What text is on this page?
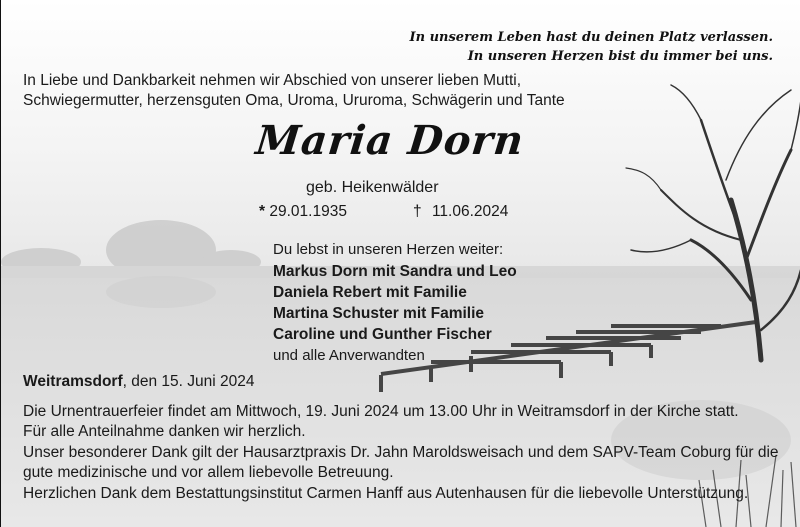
In unserem Leben hast du deinen Platz verlassen.
In unseren Herzen bist du immer bei uns.
In Liebe und Dankbarkeit nehmen wir Abschied von unserer lieben Mutti,
Schwiegermutter, herzensguten Oma, Uroma, Ururoma, Schwägerin und Tante
Maria Dorn
geb. Heikenwälder
* 29.01.1935	† 11.06.2024
Du lebst in unseren Herzen weiter:
Markus Dorn mit Sandra und Leo
Daniela Rebert mit Familie
Martina Schuster mit Familie
Caroline und Gunther Fischer
und alle Anverwandten
Weitramsdorf, den 15. Juni 2024
Die Urnentrauerfeier findet am Mittwoch, 19. Juni 2024 um 13.00 Uhr in Weitramsdorf in der Kirche statt.
Für alle Anteilnahme danken wir herzlich.
Unser besonderer Dank gilt der Hausarztpraxis Dr. Jahn Maroldsweisach und dem SAPV-Team Coburg für die
gute medizinische und vor allem liebevolle Betreuung.
Herzlichen Dank dem Bestattungsinstitut Carmen Hanff aus Autenhausen für die liebevolle Unterstützung.
